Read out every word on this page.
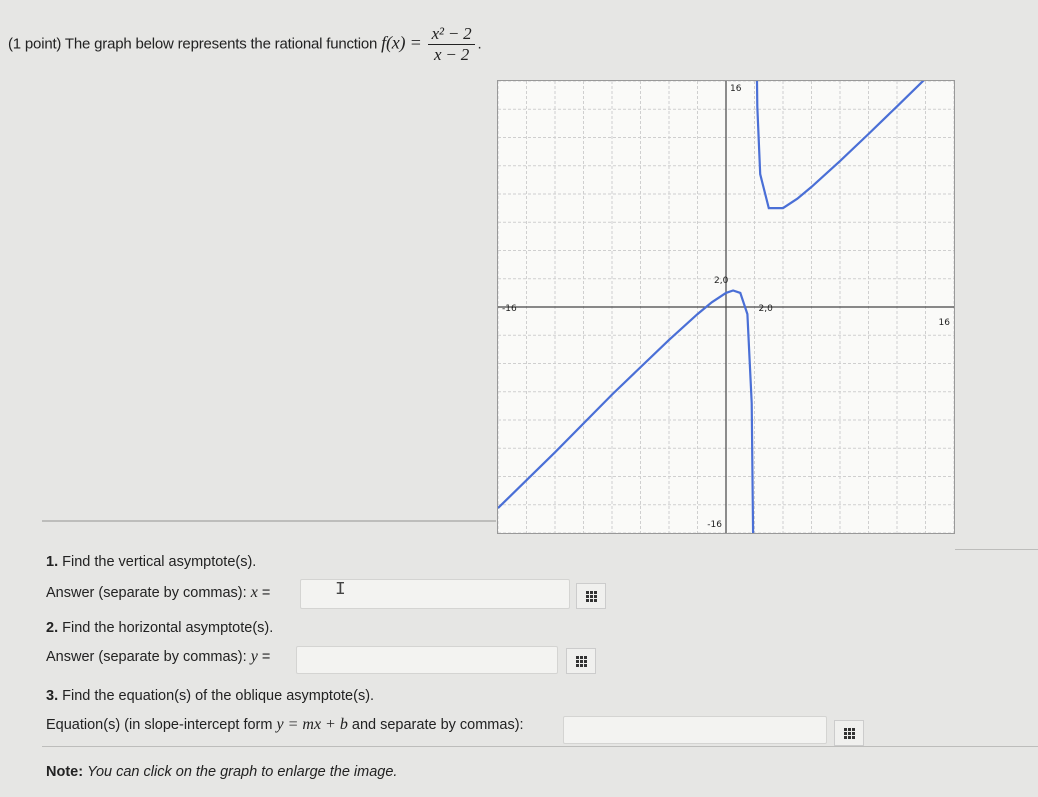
(1 point) The graph below represents the rational function $f(x) = \frac{\text{x² − 2}}{x - 2}$ .
-16
16
16
-16
2,0
2,0
1. Find the vertical asymptote(s).
Answer (separate by commas): x =	I
2. Find the horizontal asymptote(s).
Answer (separate by commas): y =
3. Find the equation(s) of the oblique asymptote(s).
Equation(s) (in slope-intercept form y = mx + b and separate by commas):
Note: You can click on the graph to enlarge the image.
